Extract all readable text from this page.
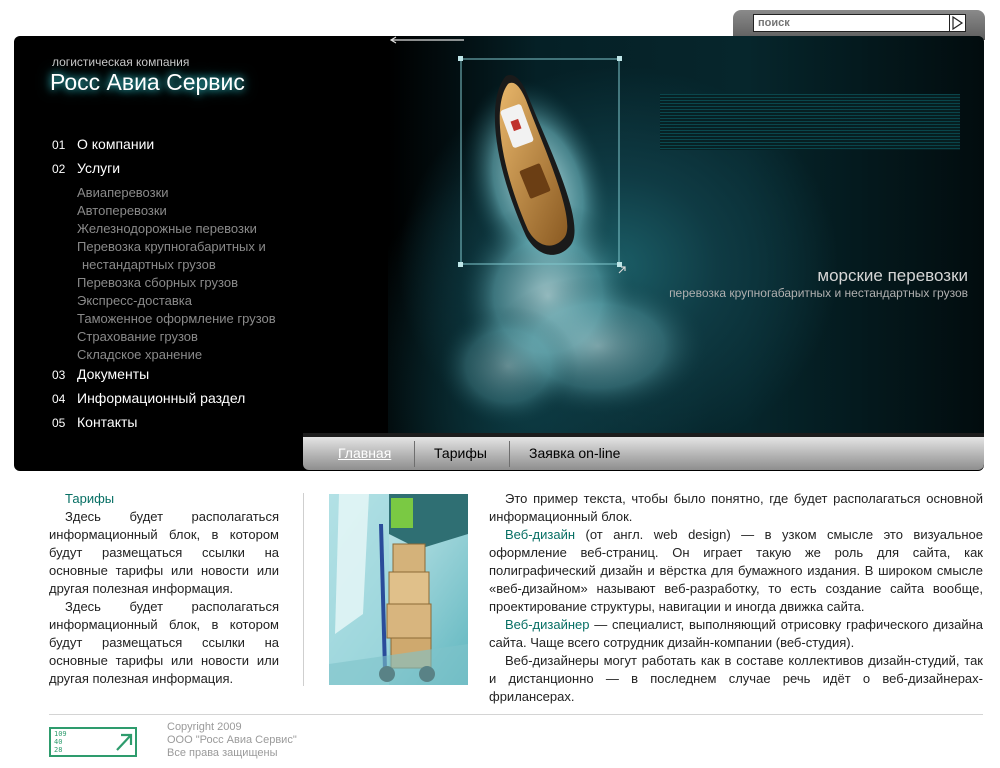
поиск
морские перевозки
перевозка крупногабаритных и нестандартных грузов
логистическая компания
Росс Авиа Сервис
01 О компании
02 Услуги
Авиаперевозки
Автоперевозки
Железнодорожные перевозки
Перевозка крупногабаритных и
нестандартных грузов
Перевозка сборных грузов
Экспресс-доставка
Таможенное оформление грузов
Страхование грузов
Складское хранение
03 Документы
04 Информационный раздел
05 Контакты
Главная	Тарифы	Заявка on-line
Тарифы

Здесь будет располагаться информационный блок, в котором будут размещаться ссылки на основные тарифы или новости или другая полезная информация.

Здесь будет располагаться информационный блок, в котором будут размещаться ссылки на основные тарифы или новости или другая полезная информация.

Это пример текста, чтобы было понятно, где будет располагаться основной информационный блок.

Веб-дизайн (от англ. web design) — в узком смысле это визуальное оформление веб-страниц. Он играет такую же роль для сайта, как полиграфический дизайн и вёрстка для бумажного издания. В широком смысле «веб-дизайном» называют веб-разработку, то есть создание сайта вообще, проектирование структуры, навигации и иногда движка сайта.

Веб-дизайнер — специалист, выполняющий отрисовку графического дизайна сайта. Чаще всего сотрудник дизайн-компании (веб-студия).

Веб-дизайнеры могут работать как в составе коллективов дизайн-студий, так и дистанционно — в последнем случае речь идёт о веб-дизайнерах-фрилансерах.

109
40
28
Copyright 2009
ООО "Росс Авиа Сервис"
Все права защищены
